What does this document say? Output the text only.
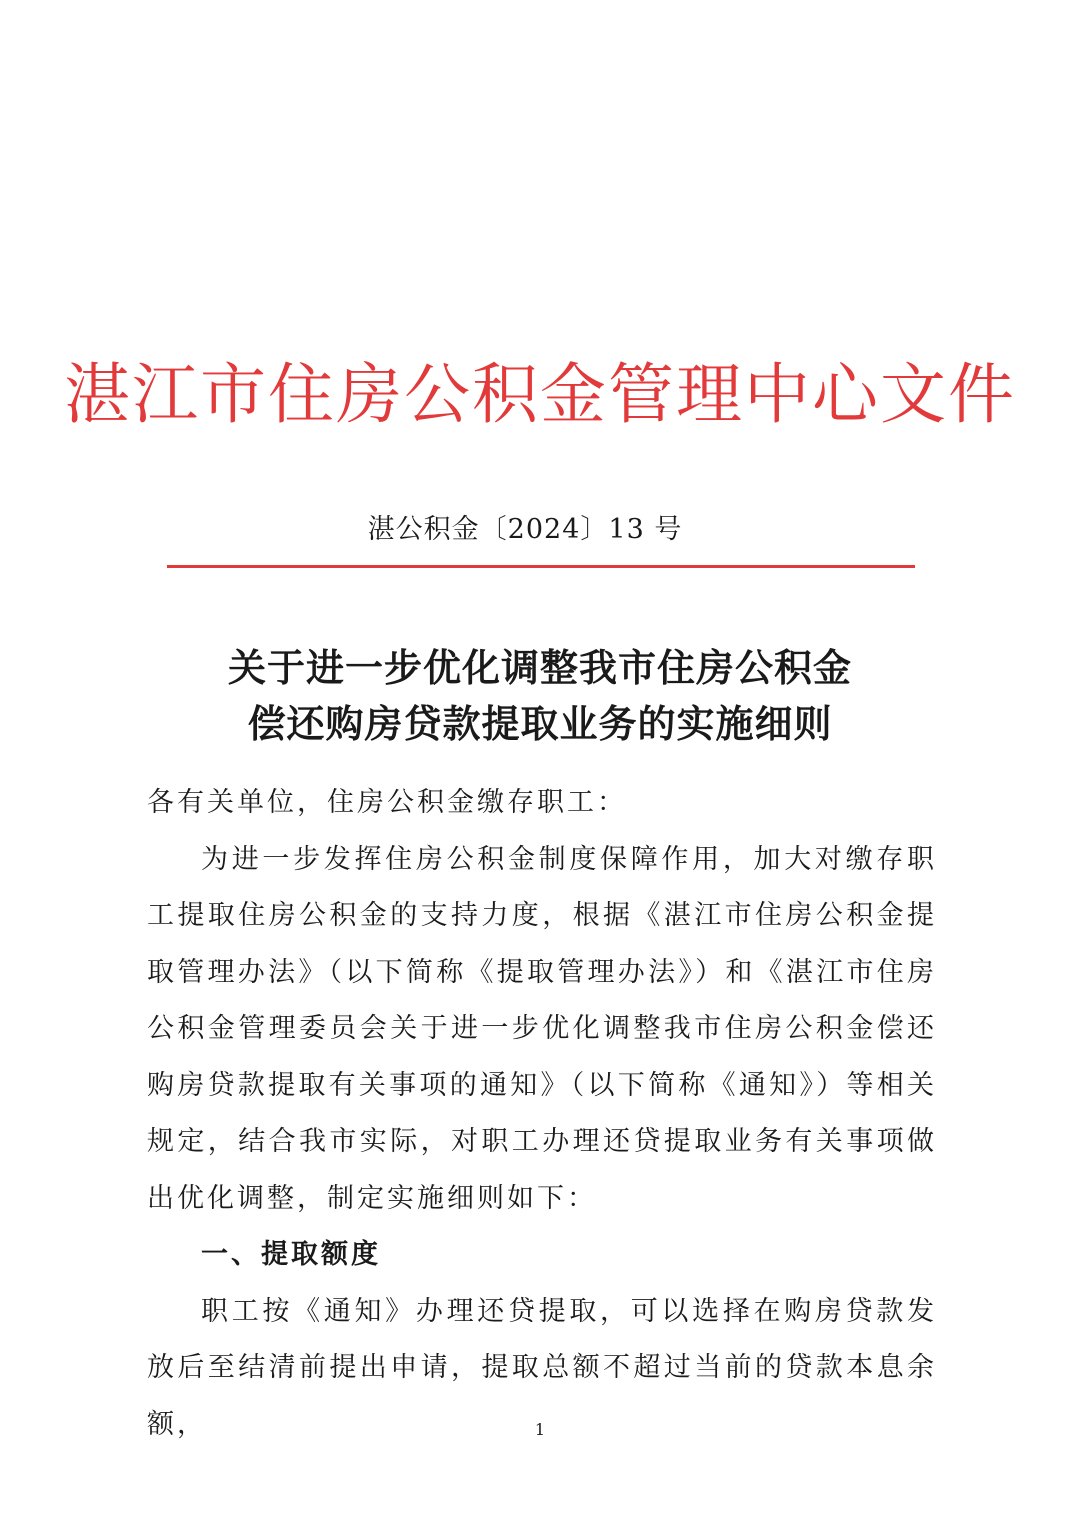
湛江市住房公积金管理中心文件
湛公积金〔2024〕13 号
关于进一步优化调整我市住房公积金
偿还购房贷款提取业务的实施细则

各有关单位，住房公积金缴存职工：

为进一步发挥住房公积金制度保障作用，加大对缴存职工提取住房公积金的支持力度，根据《湛江市住房公积金提取管理办法》（以下简称《提取管理办法》）和《湛江市住房公积金管理委员会关于进一步优化调整我市住房公积金偿还购房贷款提取有关事项的通知》（以下简称《通知》）等相关规定，结合我市实际，对职工办理还贷提取业务有关事项做出优化调整，制定实施细则如下：

一、提取额度

职工按《通知》办理还贷提取，可以选择在购房贷款发放后至结清前提出申请，提取总额不超过当前的贷款本息余额，	1
